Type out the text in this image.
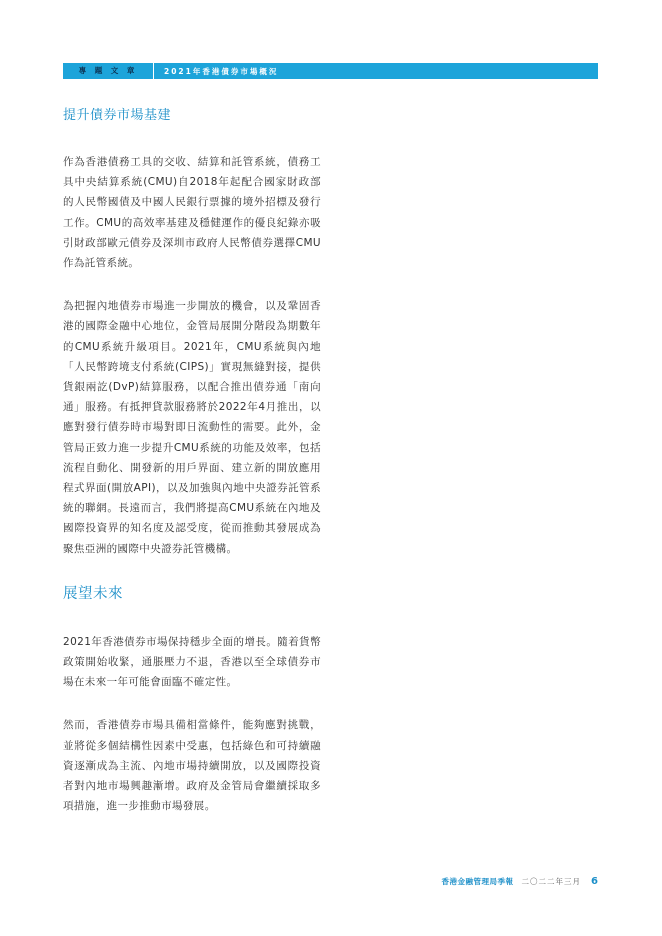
專 題 文 章	2021年香港債券市場概況
提升債券市場基建

作為香港債務工具的交收、結算和託管系統，債務工具中央結算系統(CMU)自2018年起配合國家財政部的人民幣國債及中國人民銀行票據的境外招標及發行工作。CMU的高效率基建及穩健運作的優良紀錄亦吸引財政部歐元債券及深圳市政府人民幣債券選擇CMU作為託管系統。

為把握內地債券市場進一步開放的機會，以及鞏固香港的國際金融中心地位，金管局展開分階段為期數年的CMU系統升級項目。2021年，CMU系統與內地「人民幣跨境支付系統(CIPS)」實現無縫對接，提供貨銀兩訖(DvP)結算服務，以配合推出債券通「南向通」服務。有抵押貸款服務將於2022年4月推出，以應對發行債券時市場對即日流動性的需要。此外，金管局正致力進一步提升CMU系統的功能及效率，包括流程自動化、開發新的用戶界面、建立新的開放應用程式界面(開放API)，以及加強與內地中央證券託管系統的聯網。長遠而言，我們將提高CMU系統在內地及國際投資界的知名度及認受度，從而推動其發展成為聚焦亞洲的國際中央證券託管機構。

展望未來

2021年香港債券市場保持穩步全面的增長。隨着貨幣政策開始收緊，通脹壓力不退，香港以至全球債券市場在未來一年可能會面臨不確定性。

然而，香港債券市場具備相當條件，能夠應對挑戰，並將從多個結構性因素中受惠，包括綠色和可持續融資逐漸成為主流、內地市場持續開放，以及國際投資者對內地市場興趣漸增。政府及金管局會繼續採取多項措施，進一步推動市場發展。

香港金融管理局季報 二〇二二年三月 6
